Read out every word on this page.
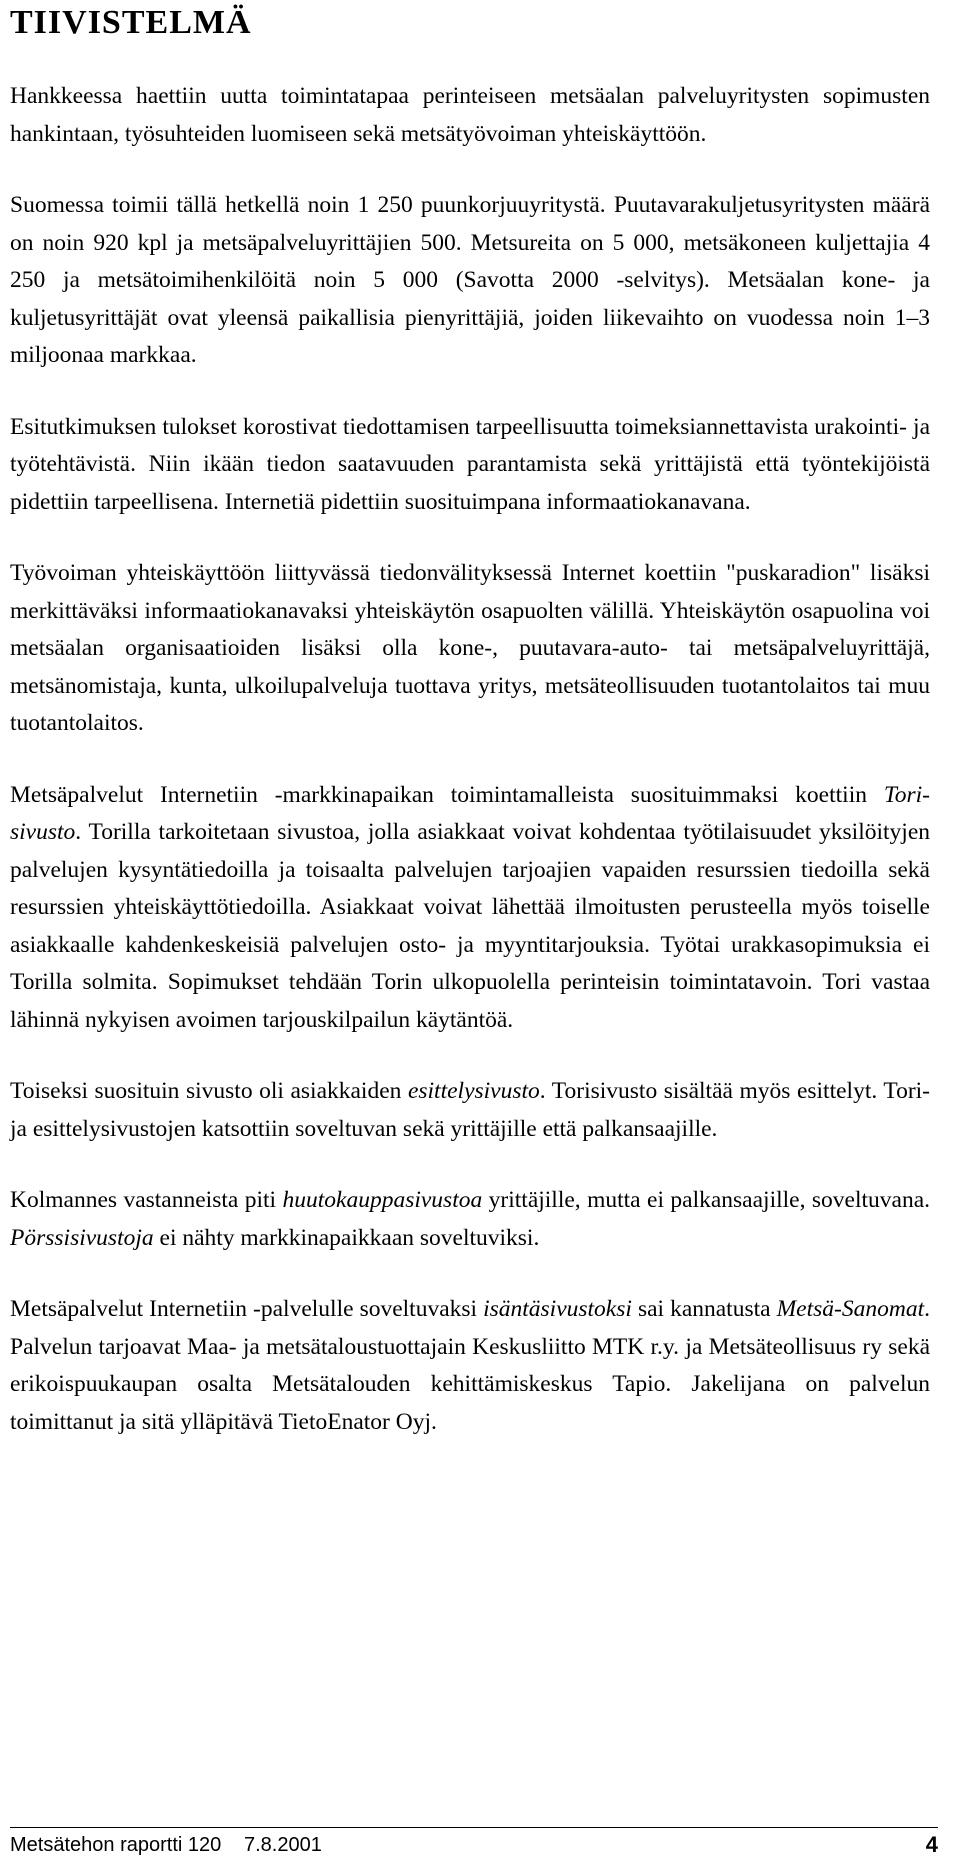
TIIVISTELMÄ

Hankkeessa haettiin uutta toimintatapaa perinteiseen metsäalan palveluyritysten sopimusten hankintaan, työsuhteiden luomiseen sekä metsätyövoiman yhteiskäyttöön.

Suomessa toimii tällä hetkellä noin 1 250 puunkorjuuyritystä. Puutavarakuljetusyritysten määrä on noin 920 kpl ja metsäpalveluyrittäjien 500. Metsureita on 5 000, metsäkoneen kuljettajia 4 250 ja metsätoimihenkilöitä noin 5 000 (Savotta 2000 -selvitys). Metsäalan kone- ja kuljetusyrittäjät ovat yleensä paikallisia pienyrittäjiä, joiden liikevaihto on vuodessa noin 1–3 miljoonaa markkaa.

Esitutkimuksen tulokset korostivat tiedottamisen tarpeellisuutta toimeksiannettavista urakointi- ja työtehtävistä. Niin ikään tiedon saatavuuden parantamista sekä yrittäjistä että työntekijöistä pidettiin tarpeellisena. Internetiä pidettiin suosituimpana informaatiokanavana.

Työvoiman yhteiskäyttöön liittyvässä tiedonvälityksessä Internet koettiin "puskaradion" lisäksi merkittäväksi informaatiokanavaksi yhteiskäytön osapuolten välillä. Yhteiskäytön osapuolina voi metsäalan organisaatioiden lisäksi olla kone-, puutavara-auto- tai metsäpalveluyrittäjä, metsänomistaja, kunta, ulkoilupalveluja tuottava yritys, metsäteollisuuden tuotantolaitos tai muu tuotantolaitos.

Metsäpalvelut Internetiin -markkinapaikan toimintamalleista suosituimmaksi koettiin Tori-sivusto. Torilla tarkoitetaan sivustoa, jolla asiakkaat voivat kohdentaa työtilaisuudet yksilöityjen palvelujen kysyntätiedoilla ja toisaalta palvelujen tarjoajien vapaiden resurssien tiedoilla sekä resurssien yhteiskäyttötiedoilla. Asiakkaat voivat lähettää ilmoitusten perusteella myös toiselle asiakkaalle kahdenkeskeisiä palvelujen osto- ja myyntitarjouksia. Työtai urakkasopimuksia ei Torilla solmita. Sopimukset tehdään Torin ulkopuolella perinteisin toimintatavoin. Tori vastaa lähinnä nykyisen avoimen tarjouskilpailun käytäntöä.

Toiseksi suosituin sivusto oli asiakkaiden esittelysivusto. Torisivusto sisältää myös esittelyt. Tori- ja esittelysivustojen katsottiin soveltuvan sekä yrittäjille että palkansaajille.

Kolmannes vastanneista piti huutokauppasivustoa yrittäjille, mutta ei palkansaajille, soveltuvana. Pörssisivustoja ei nähty markkinapaikkaan soveltuviksi.

Metsäpalvelut Internetiin -palvelulle soveltuvaksi isäntäsivustoksi sai kannatusta Metsä-Sanomat. Palvelun tarjoavat Maa- ja metsätaloustuottajain Keskusliitto MTK r.y. ja Metsäteollisuus ry sekä erikoispuukaupan osalta Metsätalouden kehittämiskeskus Tapio. Jakelijana on palvelun toimittanut ja sitä ylläpitävä TietoEnator Oyj.

Metsätehon raportti 120 7.8.2001	4
